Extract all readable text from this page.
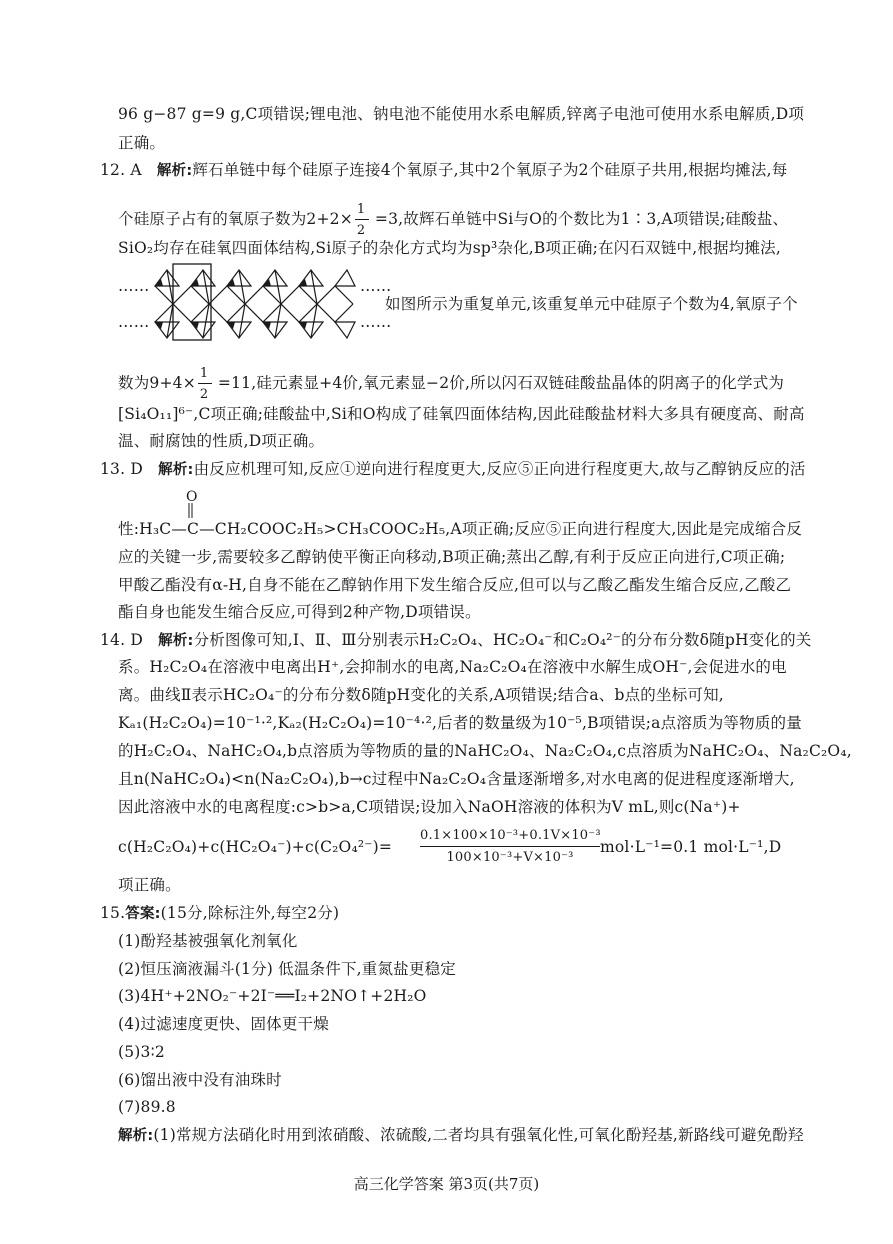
96 g−87 g=9 g,C项错误;锂电池、钠电池不能使用水系电解质,锌离子电池可使用水系电解质,D项
正确。
12. A 解析:辉石单链中每个硅原子连接4个氧原子,其中2个氧原子为2个硅原子共用,根据均摊法,每
个硅原子占有的氧原子数为$2+2\times \frac{1}{2} =3$,故辉石单链中Si与O的个数比为1∶3,A项错误;硅酸盐、
SiO₂均存在硅氧四面体结构,Si原子的杂化方式均为sp³杂化,B项正确;在闪石双链中,根据均摊法,
……
……
……
……
如图所示为重复单元,该重复单元中硅原子个数为4,氧原子个
数为$9+4\times \frac{1}{2} =11$,硅元素显+4价,氧元素显−2价,所以闪石双链硅酸盐晶体的阴离子的化学式为
[Si₄O₁₁]⁶⁻,C项正确;硅酸盐中,Si和O构成了硅氧四面体结构,因此硅酸盐材料大多具有硬度高、耐高
温、耐腐蚀的性质,D项正确。
13. D 解析:由反应机理可知,反应①逆向进行程度更大,反应⑤正向进行程度更大,故与乙醇钠反应的活
O
性:H₃C—C—CH₂COOC₂H₅>CH₃COOC₂H₅,A项正确;反应⑤正向进行程度大,因此是完成缩合反
应的关键一步,需要较多乙醇钠使平衡正向移动,B项正确;蒸出乙醇,有利于反应正向进行,C项正确;
甲酸乙酯没有α-H,自身不能在乙醇钠作用下发生缩合反应,但可以与乙酸乙酯发生缩合反应,乙酸乙
酯自身也能发生缩合反应,可得到2种产物,D项错误。
14. D 解析:分析图像可知,Ⅰ、Ⅱ、Ⅲ分别表示H₂C₂O₄、HC₂O₄⁻和C₂O₄²⁻的分布分数δ随pH变化的关
系。H₂C₂O₄在溶液中电离出H⁺,会抑制水的电离,Na₂C₂O₄在溶液中水解生成OH⁻,会促进水的电
离。曲线Ⅱ表示HC₂O₄⁻的分布分数δ随pH变化的关系,A项错误;结合a、b点的坐标可知,
Kₐ₁(H₂C₂O₄)=10⁻¹·²,Kₐ₂(H₂C₂O₄)=10⁻⁴·²,后者的数量级为10⁻⁵,B项错误;a点溶质为等物质的量
的H₂C₂O₄、NaHC₂O₄,b点溶质为等物质的量的NaHC₂O₄、Na₂C₂O₄,c点溶质为NaHC₂O₄、Na₂C₂O₄,
且n(NaHC₂O₄)<n(Na₂C₂O₄),b→c过程中Na₂C₂O₄含量逐渐增多,对水电离的促进程度逐渐增大,
因此溶液中水的电离程度:c>b>a,C项错误;设加入NaOH溶液的体积为V mL,则c(Na⁺)+
c(H₂C₂O₄)+c(HC₂O₄⁻)+c(C₂O₄²⁻)=
0.1×100×10⁻³+0.1V×10⁻³
100×10⁻³+V×10⁻³
mol·L⁻¹=0.1 mol·L⁻¹,D
项正确。
15.答案:(15分,除标注外,每空2分)
(1)酚羟基被强氧化剂氧化
(2)恒压滴液漏斗(1分) 低温条件下,重氮盐更稳定
(3)4H⁺+2NO₂⁻+2I⁻══I₂+2NO↑+2H₂O
(4)过滤速度更快、固体更干燥
(5)3∶2
(6)馏出液中没有油珠时
(7)89.8
解析:(1)常规方法硝化时用到浓硝酸、浓硫酸,二者均具有强氧化性,可氧化酚羟基,新路线可避免酚羟
高三化学答案 第3页(共7页)
